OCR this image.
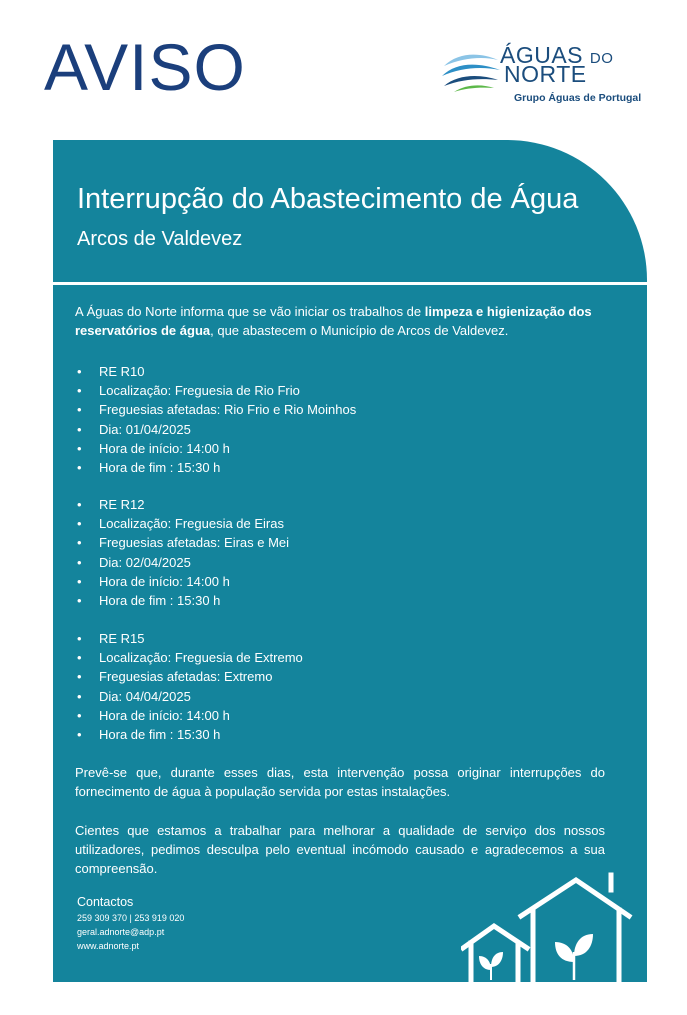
AVISO	ÁGUAS DO
NORTE
Grupo Águas de Portugal
Interrupção do Abastecimento de Água

Arcos de Valdevez

A Águas do Norte informa que se vão iniciar os trabalhos de limpeza e higienização dos reservatórios de água, que abastecem o Município de Arcos de Valdevez.

• RE R10
• Localização: Freguesia de Rio Frio
• Freguesias afetadas: Rio Frio e Rio Moinhos
• Dia: 01/04/2025
• Hora de início: 14:00 h
• Hora de fim : 15:30 h
• RE R12
• Localização: Freguesia de Eiras
• Freguesias afetadas: Eiras e Mei
• Dia: 02/04/2025
• Hora de início: 14:00 h
• Hora de fim : 15:30 h
• RE R15
• Localização: Freguesia de Extremo
• Freguesias afetadas: Extremo
• Dia: 04/04/2025
• Hora de início: 14:00 h
• Hora de fim : 15:30 h

Prevê-se que, durante esses dias, esta intervenção possa originar interrupções do fornecimento de água à população servida por estas instalações.

Cientes que estamos a trabalhar para melhorar a qualidade de serviço dos nossos utilizadores, pedimos desculpa pelo eventual incómodo causado e agradecemos a sua compreensão.

Contactos

259 309 370 | 253 919 020

geral.adnorte@adp.pt

www.adnorte.pt
